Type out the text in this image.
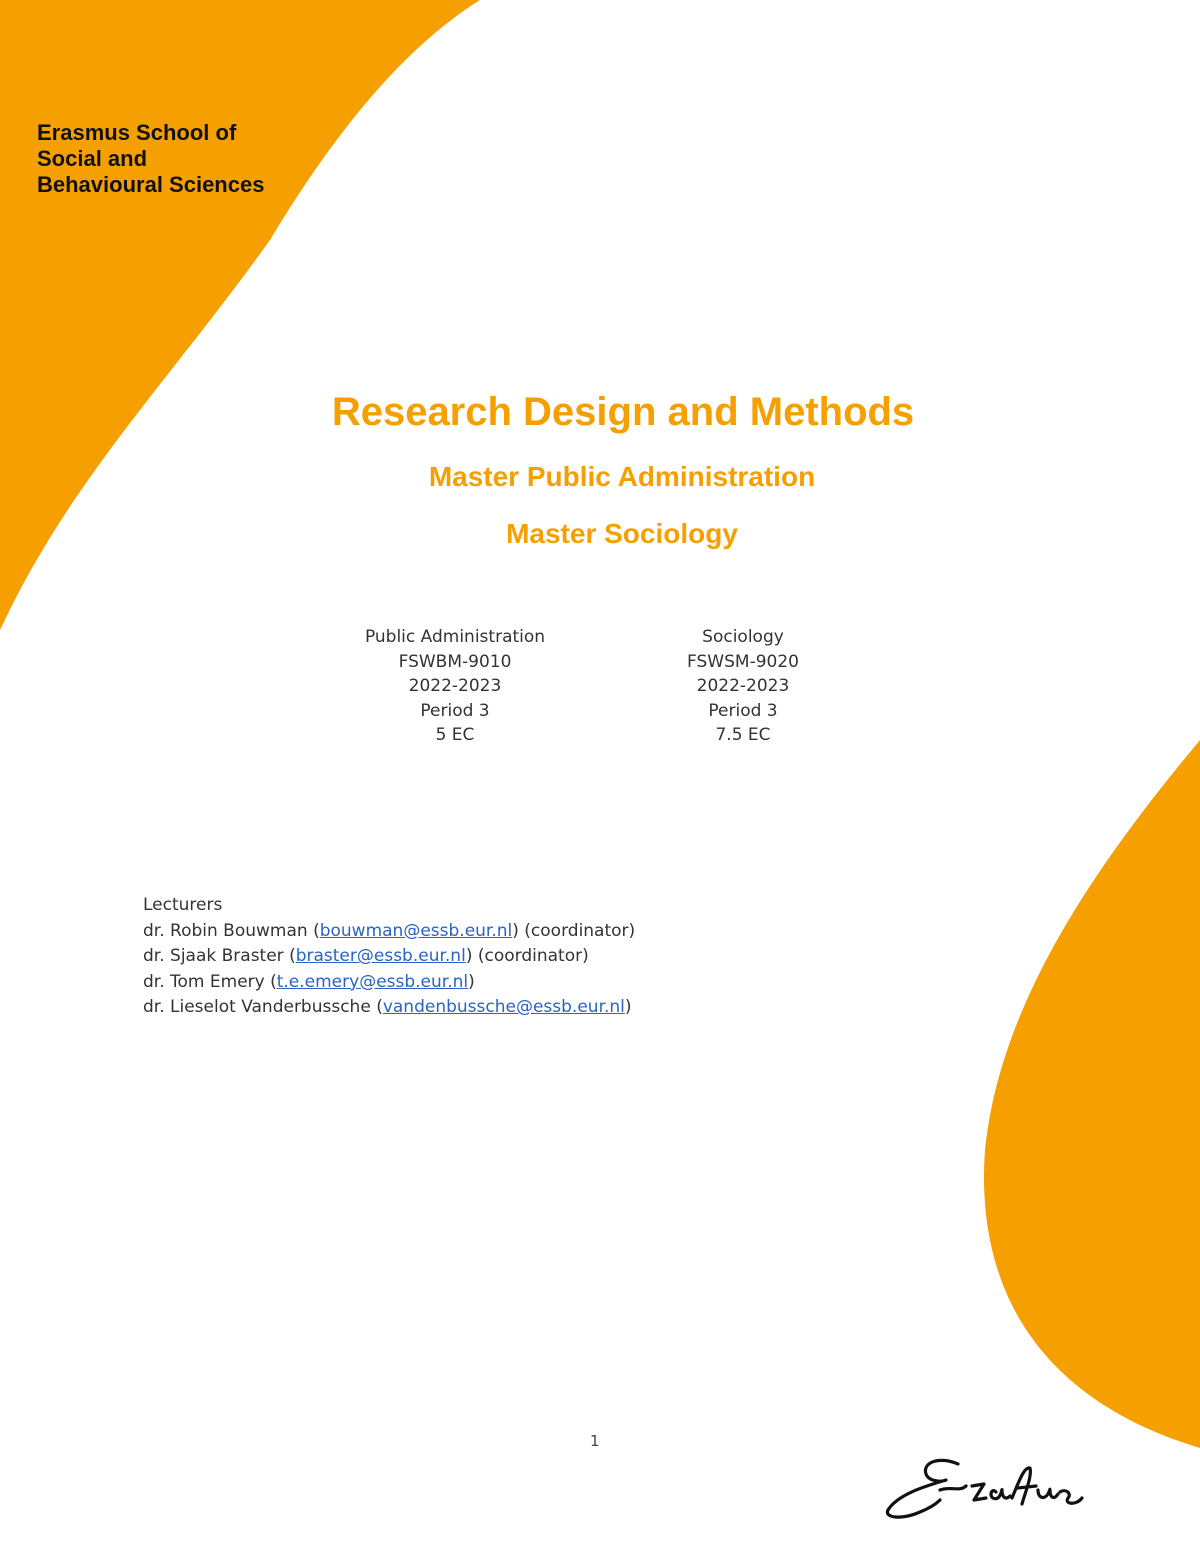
Erasmus School of
Social and
Behavioural Sciences
Research Design and Methods
Master Public Administration
Master Sociology
Public Administration
FSWBM-9010
2022-2023
Period 3
5 EC
Sociology
FSWSM-9020
2022-2023
Period 3
7.5 EC
Lecturers
dr. Robin Bouwman (bouwman@essb.eur.nl) (coordinator)
dr. Sjaak Braster (braster@essb.eur.nl) (coordinator)
dr. Tom Emery (t.e.emery@essb.eur.nl)
dr. Lieselot Vanderbussche (vandenbussche@essb.eur.nl)
1
